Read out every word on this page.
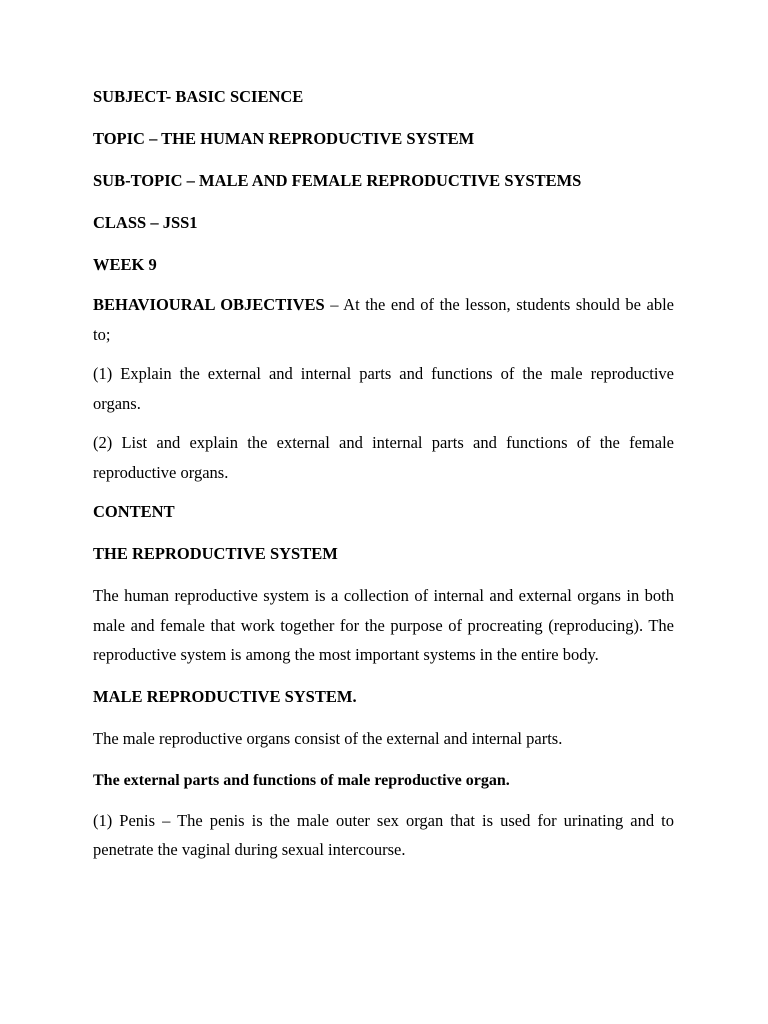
SUBJECT- BASIC SCIENCE
TOPIC – THE HUMAN REPRODUCTIVE SYSTEM
SUB-TOPIC – MALE AND FEMALE REPRODUCTIVE SYSTEMS
CLASS – JSS1
WEEK 9
BEHAVIOURAL OBJECTIVES – At the end of the lesson, students should be able to;
(1) Explain the external and internal parts and functions of the male reproductive organs.
(2) List and explain the external and internal parts and functions of the female reproductive organs.
CONTENT
THE REPRODUCTIVE SYSTEM
The human reproductive system is a collection of internal and external organs in both male and female that work together for the purpose of procreating (reproducing). The reproductive system is among the most important systems in the entire body.
MALE REPRODUCTIVE SYSTEM.
The male reproductive organs consist of the external and internal parts.
The external parts and functions of male reproductive organ.
(1) Penis – The penis is the male outer sex organ that is used for urinating and to penetrate the vaginal during sexual intercourse.
